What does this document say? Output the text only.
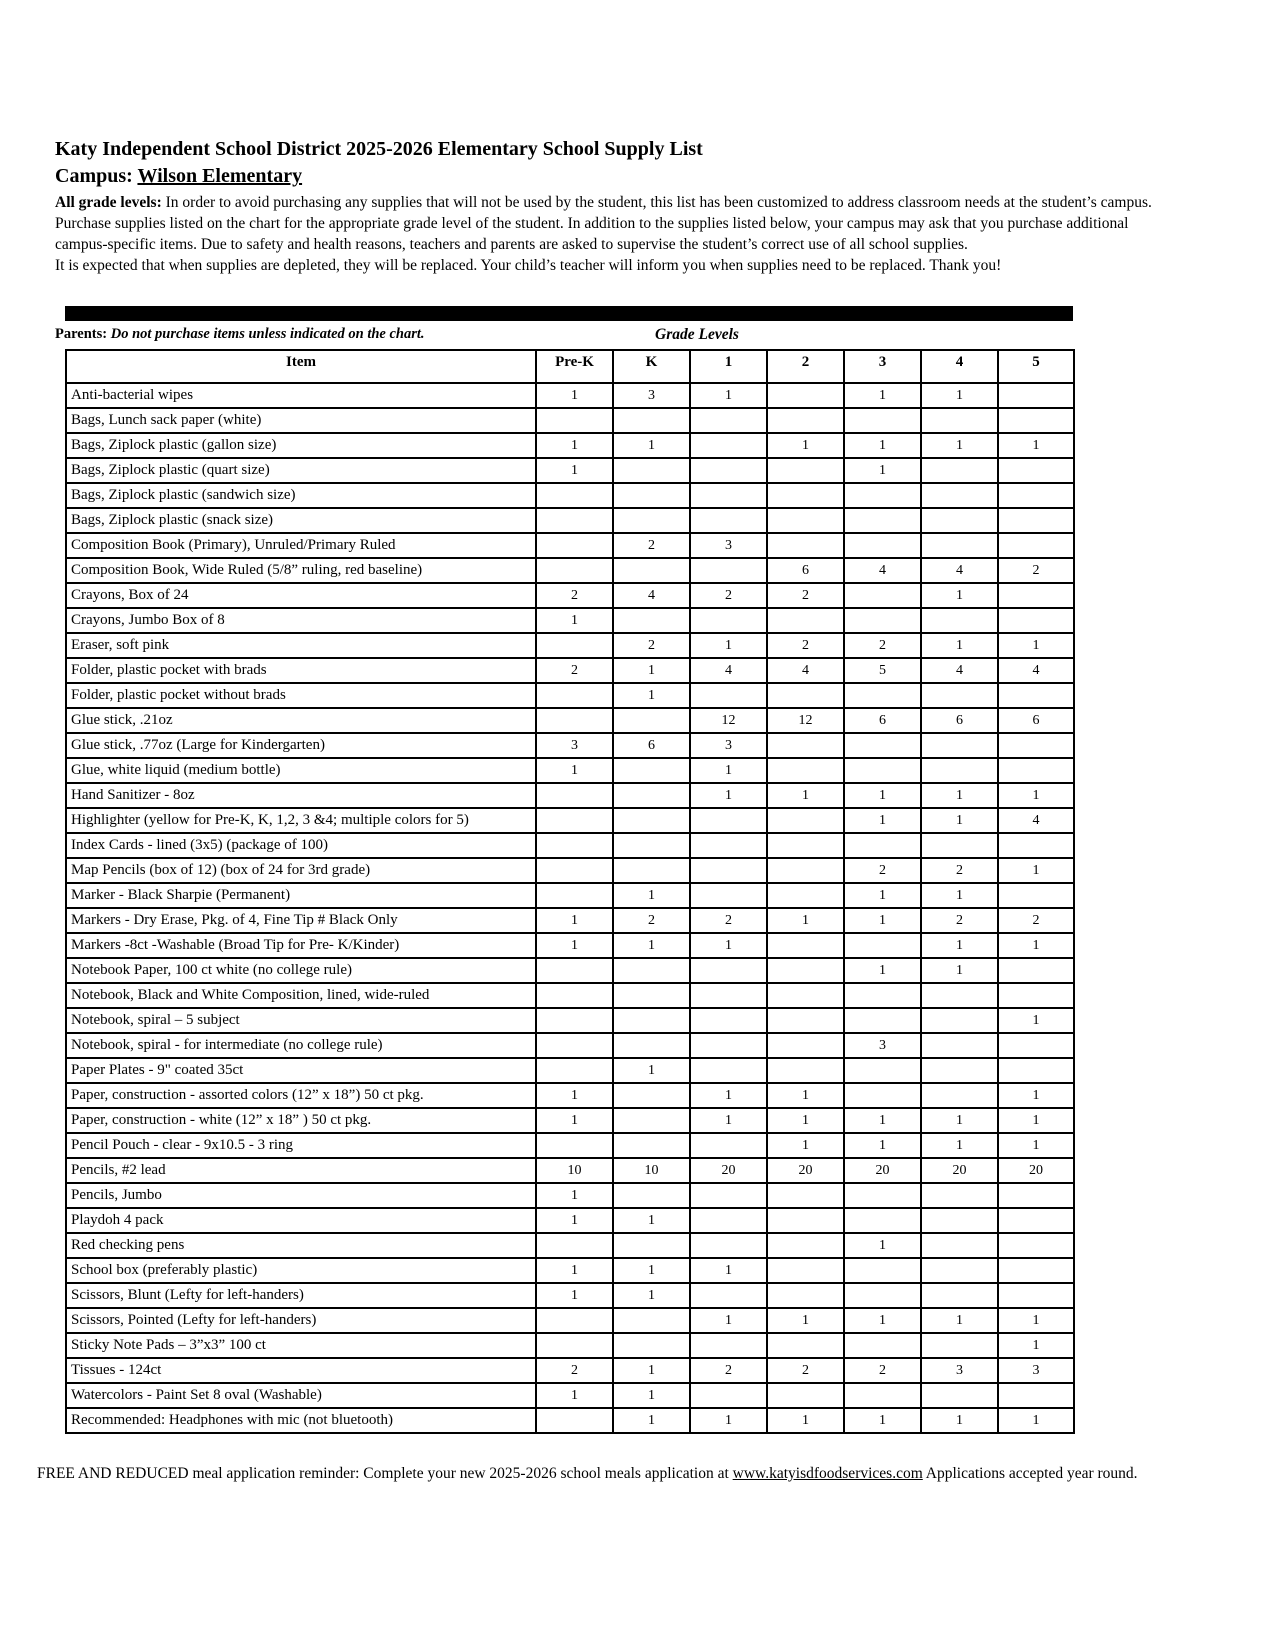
Katy Independent School District 2025-2026 Elementary School Supply List
Campus: Wilson Elementary

All grade levels: In order to avoid purchasing any supplies that will not be used by the student, this list has been customized to address classroom needs at the student’s campus. Purchase supplies listed on the chart for the appropriate grade level of the student. In addition to the supplies listed below, your campus may ask that you purchase additional campus-specific items. Due to safety and health reasons, teachers and parents are asked to supervise the student’s correct use of all school supplies.

It is expected that when supplies are depleted, they will be replaced. Your child’s teacher will inform you when supplies need to be replaced. Thank you!

Parents: Do not purchase items unless indicated on the chart.	Grade Levels
Item	Pre-K	K	1	2	3	4	5
Anti-bacterial wipes	1	3	1		1	1	
Bags, Lunch sack paper (white)							
Bags, Ziplock plastic (gallon size)	1	1		1	1	1	1
Bags, Ziplock plastic (quart size)	1				1		
Bags, Ziplock plastic (sandwich size)							
Bags, Ziplock plastic (snack size)							
Composition Book (Primary), Unruled/Primary Ruled		2	3				
Composition Book, Wide Ruled (5/8” ruling, red baseline)				6	4	4	2
Crayons, Box of 24	2	4	2	2		1	
Crayons, Jumbo Box of 8	1						
Eraser, soft pink		2	1	2	2	1	1
Folder, plastic pocket with brads	2	1	4	4	5	4	4
Folder, plastic pocket without brads		1					
Glue stick, .21oz			12	12	6	6	6
Glue stick, .77oz (Large for Kindergarten)	3	6	3				
Glue, white liquid (medium bottle)	1		1				
Hand Sanitizer - 8oz			1	1	1	1	1
Highlighter (yellow for Pre-K, K, 1,2, 3 &4; multiple colors for 5)					1	1	4
Index Cards - lined (3x5) (package of 100)							
Map Pencils (box of 12) (box of 24 for 3rd grade)					2	2	1
Marker - Black Sharpie (Permanent)		1			1	1	
Markers - Dry Erase, Pkg. of 4, Fine Tip # Black Only	1	2	2	1	1	2	2
Markers -8ct -Washable (Broad Tip for Pre- K/Kinder)	1	1	1			1	1
Notebook Paper, 100 ct white (no college rule)					1	1	
Notebook, Black and White Composition, lined, wide-ruled							
Notebook, spiral – 5 subject							1
Notebook, spiral - for intermediate (no college rule)					3		
Paper Plates - 9" coated 35ct		1					
Paper, construction - assorted colors (12” x 18”) 50 ct pkg.	1		1	1			1
Paper, construction - white (12” x 18” ) 50 ct pkg.	1		1	1	1	1	1
Pencil Pouch - clear - 9x10.5 - 3 ring				1	1	1	1
Pencils, #2 lead	10	10	20	20	20	20	20
Pencils, Jumbo	1						
Playdoh 4 pack	1	1					
Red checking pens					1		
School box (preferably plastic)	1	1	1				
Scissors, Blunt (Lefty for left-handers)	1	1					
Scissors, Pointed (Lefty for left-handers)			1	1	1	1	1
Sticky Note Pads – 3”x3” 100 ct							1
Tissues - 124ct	2	1	2	2	2	3	3
Watercolors - Paint Set 8 oval (Washable)	1	1					
Recommended: Headphones with mic (not bluetooth)		1	1	1	1	1	1

FREE AND REDUCED meal application reminder: Complete your new 2025-2026 school meals application at www.katyisdfoodservices.com Applications accepted year round.
